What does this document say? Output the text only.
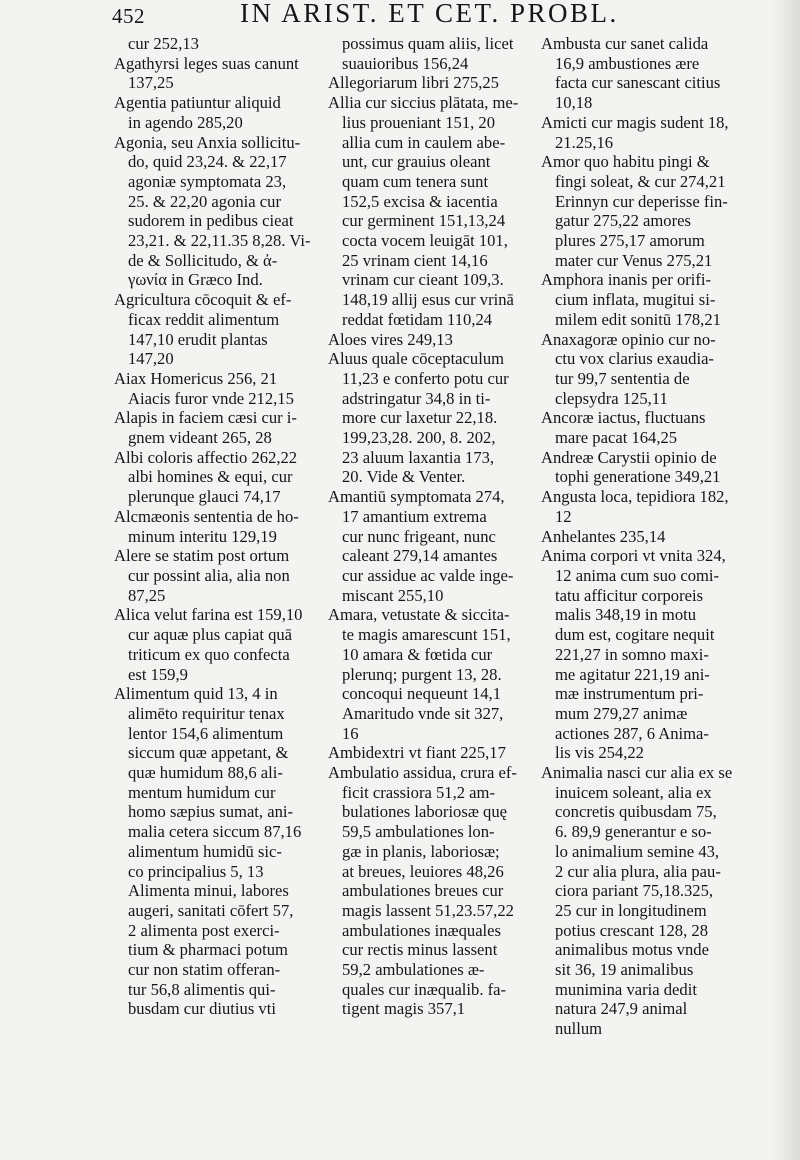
452	IN ARIST. ET CET. PROBL.
cur 252,13
Agathyrsi leges suas canunt
137,25
Agentia patiuntur aliquid
in agendo 285,20
Agonia, seu Anxia sollicitu-
do, quid 23,24. & 22,17
agoniæ symptomata 23,
25. & 22,20 agonia cur
sudorem in pedibus cieat
23,21. & 22,11.35 8,28. Vi-
de & Sollicitudo, & ἀ-
γωνία in Græco Ind.
Agricultura cōcoquit & ef-
ficax reddit alimentum
147,10 erudit plantas
147,20
Aiax Homericus 256, 21
Aiacis furor vnde 212,15
Alapis in faciem cæsi cur i-
gnem videant 265, 28
Albi coloris affectio 262,22
albi homines & equi, cur
plerunque glauci 74,17
Alcmæonis sententia de ho-
minum interitu 129,19
Alere se statim post ortum
cur possint alia, alia non
87,25
Alica velut farina est 159,10
cur aquæ plus capiat quā
triticum ex quo confecta
est 159,9
Alimentum quid 13, 4 in
alimēto requiritur tenax
lentor 154,6 alimentum
siccum quæ appetant, &
quæ humidum 88,6 ali-
mentum humidum cur
homo sæpius sumat, ani-
malia cetera siccum 87,16
alimentum humidū sic-
co principalius 5, 13
Alimenta minui, labores
augeri, sanitati cōfert 57,
2 alimenta post exerci-
tium & pharmaci potum
cur non statim offeran-
tur 56,8 alimentis qui-
busdam cur diutius vti
possimus quam aliis, licet
suauioribus 156,24
Allegoriarum libri 275,25
Allia cur siccius plātata, me-
lius proueniant 151, 20
allia cum in caulem abe-
unt, cur grauius oleant
quam cum tenera sunt
152,5 excisa & iacentia
cur germinent 151,13,24
cocta vocem leuigāt 101,
25 vrinam cient 14,16
vrinam cur cieant 109,3.
148,19 allij esus cur vrinā
reddat fœtidam 110,24
Aloes vires 249,13
Aluus quale cōceptaculum
11,23 e conferto potu cur
adstringatur 34,8 in ti-
more cur laxetur 22,18.
199,23,28. 200, 8. 202,
23 aluum laxantia 173,
20. Vide & Venter.
Amantiū symptomata 274,
17 amantium extrema
cur nunc frigeant, nunc
caleant 279,14 amantes
cur assidue ac valde inge-
miscant 255,10
Amara, vetustate & siccita-
te magis amarescunt 151,
10 amara & fœtida cur
plerunq; purgent 13, 28.
concoqui nequeunt 14,1
Amaritudo vnde sit 327,
16
Ambidextri vt fiant 225,17
Ambulatio assidua, crura ef-
ficit crassiora 51,2 am-
bulationes laboriosæ quę
59,5 ambulationes lon-
gæ in planis, laboriosæ;
at breues, leuiores 48,26
ambulationes breues cur
magis lassent 51,23.57,22
ambulationes inæquales
cur rectis minus lassent
59,2 ambulationes æ-
quales cur inæqualib. fa-
tigent magis 357,1
Ambusta cur sanet calida
16,9 ambustiones ære
facta cur sanescant citius
10,18
Amicti cur magis sudent 18,
21.25,16
Amor quo habitu pingi &
fingi soleat, & cur 274,21
Erinnyn cur deperisse fin-
gatur 275,22 amores
plures 275,17 amorum
mater cur Venus 275,21
Amphora inanis per orifi-
cium inflata, mugitui si-
milem edit sonitū 178,21
Anaxagoræ opinio cur no-
ctu vox clarius exaudia-
tur 99,7 sententia de
clepsydra 125,11
Ancoræ iactus, fluctuans
mare pacat 164,25
Andreæ Carystii opinio de
tophi generatione 349,21
Angusta loca, tepidiora 182,
12
Anhelantes 235,14
Anima corpori vt vnita 324,
12 anima cum suo comi-
tatu afficitur corporeis
malis 348,19 in motu
dum est, cogitare nequit
221,27 in somno maxi-
me agitatur 221,19 ani-
mæ instrumentum pri-
mum 279,27 animæ
actiones 287, 6 Anima-
lis vis 254,22
Animalia nasci cur alia ex se
inuicem soleant, alia ex
concretis quibusdam 75,
6. 89,9 generantur e so-
lo animalium semine 43,
2 cur alia plura, alia pau-
ciora pariant 75,18.325,
25 cur in longitudinem
potius crescant 128, 28
animalibus motus vnde
sit 36, 19 animalibus
munimina varia dedit
natura 247,9 animal
nullum
